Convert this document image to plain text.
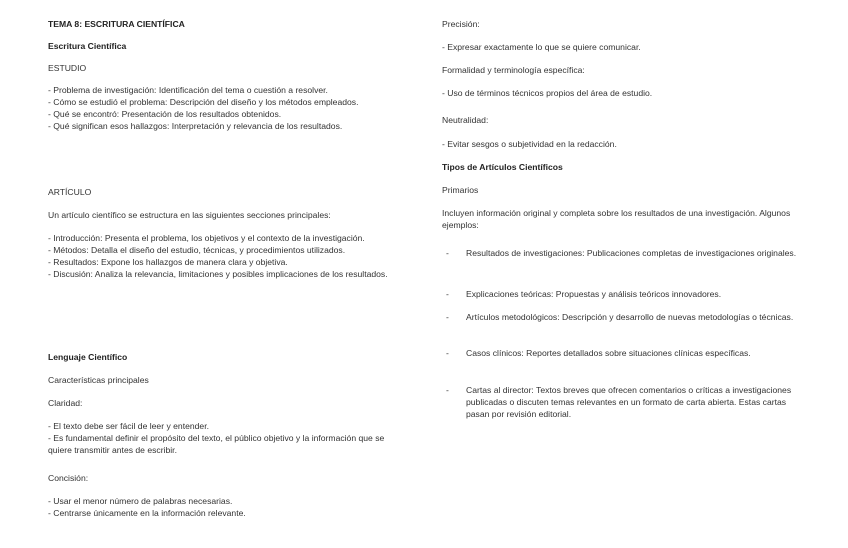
TEMA 8: ESCRITURA CIENTÍFICA

Escritura Científica

ESTUDIO

- Problema de investigación: Identificación del tema o cuestión a resolver.
- Cómo se estudió el problema: Descripción del diseño y los métodos empleados.
- Qué se encontró: Presentación de los resultados obtenidos.
- Qué significan esos hallazgos: Interpretación y relevancia de los resultados.

ARTÍCULO

Un artículo científico se estructura en las siguientes secciones principales:

- Introducción: Presenta el problema, los objetivos y el contexto de la investigación.
- Métodos: Detalla el diseño del estudio, técnicas, y procedimientos utilizados.
- Resultados: Expone los hallazgos de manera clara y objetiva.
- Discusión: Analiza la relevancia, limitaciones y posibles implicaciones de los resultados.

Lenguaje Científico

Características principales

Claridad:

- El texto debe ser fácil de leer y entender.
- Es fundamental definir el propósito del texto, el público objetivo y la información que se quiere transmitir antes de escribir.

Concisión:

- Usar el menor número de palabras necesarias.
- Centrarse únicamente en la información relevante.

Precisión:

- Expresar exactamente lo que se quiere comunicar.

Formalidad y terminología específica:

- Uso de términos técnicos propios del área de estudio.

Neutralidad:

- Evitar sesgos o subjetividad en la redacción.

Tipos de Artículos Científicos

Primarios

Incluyen información original y completa sobre los resultados de una investigación. Algunos ejemplos:

- Resultados de investigaciones: Publicaciones completas de investigaciones originales.
- Explicaciones teóricas: Propuestas y análisis teóricos innovadores.
- Artículos metodológicos: Descripción y desarrollo de nuevas metodologías o técnicas.
- Casos clínicos: Reportes detallados sobre situaciones clínicas específicas.
- Cartas al director: Textos breves que ofrecen comentarios o críticas a investigaciones publicadas o discuten temas relevantes en un formato de carta abierta. Estas cartas pasan por revisión editorial.
